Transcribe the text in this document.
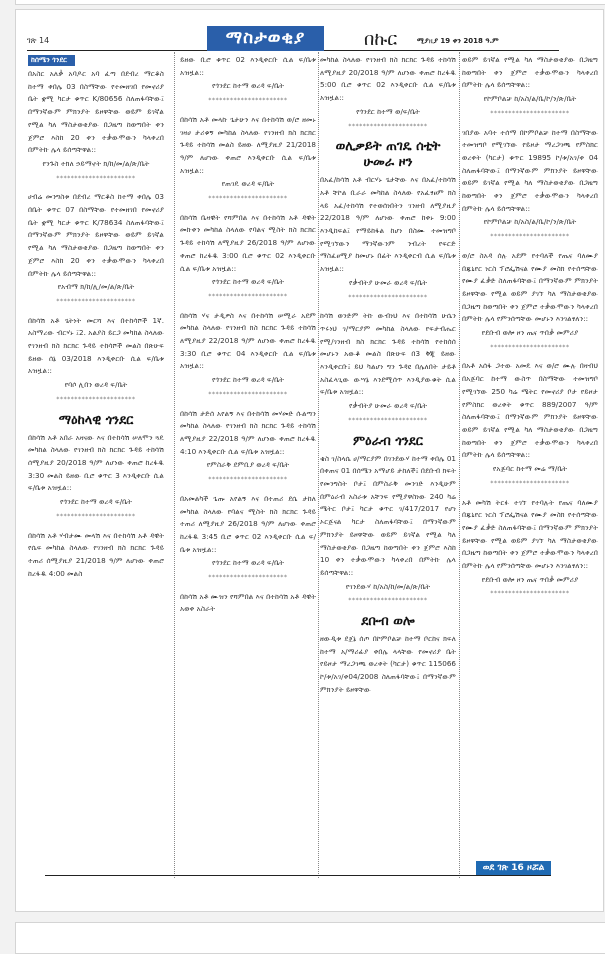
ገጽ 14	ማስታወቂያ	በኩር	ሚያዚያ 19 ቀን 2018 ዓ.ም
ከሰሜን ጎንደር

በአስር አለቃ አባዶር አባ ፈጣ በደብረ ማርቆስ ከተማ ቀበሌ 03 በስማቸው የተመዘገበ የመኖሪያ ቤት ቋሚ ካርታ ቁጥር K/80656 ስለጠፋባቸው፤ በማንኛውም ምክንያት ይዞዋቸው ወይም ይገኛል የሚል ካለ ማስታወቂያው በጋዜጣ ከወጣበት ቀን ጀምሮ እስከ 20 ቀን ተቃውሞውን ካላቀረበ በምትኩ ሌላ ይሰጣቸዋል::

የንጉስ ተክለ ኃይማኖት ክ/ከ/መ/ል/ጽ/ቤት
**********************

ሀብሬ መንግስቱ በደብረ ማርቆስ ከተማ ቀበሌ 03 በቤት ቁጥር 07 በስማቸው የተመዘገበ የመኖሪያ ቤት ቋሚ ካርታ ቁጥር K/78634 ስለጠፋባቸው፤ በማንኛውም ምክንያት ይዞዋቸው ወይም ይገኛል የሚል ካለ ማስታወቂያው በጋዜጣ ከወጣበት ቀን ጀምሮ እስከ 20 ቀን ተቃውሞውን ካላቀረበ በምትኩ ሌላ ይሰጣቸዋል::

የአብማ ክ/ከ/ሊ/መ/ል/ጽ/ቤት
**********************

በከሳሽ አቶ ጌትነት መርሻ እና በተከሳሾች 1ኛ. አስማረው ብርሃኑ ፤2. አልያስ ይርጋ መካከል ስላለው የገንዘብ ክስ ክርክር ጉዳይ ተከሳሾች መልስ በጽሁፍ ይዘው ሰኔ 03/2018 እንዲቀርቡ ሲል ፍ/ቤቱ አዝዟል::

የባሶ ሊበን ወረዳ ፍ/ቤት
**********************
ማዕከላዊ ጎንደር

በከሳሽ አቶ አበራ አዛናው እና በተከሳሽ ሠለሞን ጓዴ መካከል ስላለው የገንዘብ ክስ ክርክር ጉዳይ ተከሳሽ ሰሚያዚያ 20/2018 ዓ/ም ለሆነው ቀጠሮ ከረፋዱ 3:30 መልስ ይዘው ቢሮ ቁጥር 3 እንዲቀርቡ ሲል ፍ/ቤቱ አዝዟል::

የጎንደር ከተማ ወረዳ ፍ/ቤት
**********************

በከሳሽ አቶ ሃብታሙ መላሽ እና በተከሳሽ አቶ ዳዊት የሴፍ መካከል ስላለው የገንዘብ ክስ ክርክር ጉዳይ ተጠሪ ሰሚያዚያ 21/2018 ዓ/ም ለሆነው ቀጠሮ ከረፋዱ 4:00 መልስ

ይዘው ቢሮ ቁጥር 02 እንዲቀርቡ ሲል ፍ/ቤቱ አዝዟል::

የጎንደር ከተማ ወረዳ ፍ/ቤት
**********************

በከሳሽ አቶ መላኩ ጌታሁን እና በተከሳሽ ወ/ሮ ዘመኑ ገዛሀ ታሪቁኝ መካከል ስላለው የገንዘብ ክስ ክርክር ጉዳይ ተከሳሽ መልስ ይዘው ለሚያዚያ 21/2018 ዓ/ም ለሆነው ቀጠሮ እንዲቀርቡ ሲል ፍ/ቤቱ አዝዟል::

የጠገዴ ወረዳ ፍ/ቤት
**********************

በከሳሽ ቤዛዊት የሻምበል እና በተከሳሽ አቶ ዳዊት መኩቀን መካከል ስላለው የባልና ሚስት ክስ ክርክር ጉዳይ ተከሳሽ ለሚያዚያ 26/2018 ዓ/ም ለሆነው ቀጠሮ ከረፋዱ 3:00 ቢሮ ቁጥር 02 እንዲቀርቡ ሲል ፍ/ቤቱ አዝዟል::

የጎንደር ከተማ ወረዳ ፍ/ቤት
**********************

በከሳሽ ሃና ታዲዎስ እና በተከሳሽ ሠሚራ አደም መካከል ስላለው የገንዘብ ክስ ክርክር ጉዳይ ተከሳሽ ለሚያዚያ 22/2018 ዓ/ም ለሆነው ቀጠሮ ከረፋዱ 3:30 ቢሮ ቁጥር 04 እንዲቀርቡ ሲል ፍ/ቤቱ አዝዟል::

የጎንደር ከተማ ወረዳ ፍ/ቤት
**********************

በከሳሽ ታድሰ አየልኝ እና በተከሳሽ መሃመድ ሱልጣን መካከል ስላለው የገንዘብ ክስ ክርክር ጉዳይ ተከሳሽ ለሚያዚያ 22/2018 ዓ/ም ለሆነው ቀጠሮ ከረፋዱ 4:10 እንዲቀርቡ ሲል ፍ/ቤቱ አዝዟል::

የምስራቅ ደምቢያ ወረዳ ፍ/ቤት
**********************

በአመልካች ጌጡ አየልኝ እና በተጠሪ ደሴ ታከለ መካከል ስላለው የባልና ሚስት ክስ ክርክር ጉዳይ ተጠሪ ለሚያዚያ 26/2018 ዓ/ም ለሆነው ቀጠሮ ከረፋዱ 3:45 ቢሮ ቁጥር 02 እንዲቀርቡ ሲል ፍ/ቤቱ አዝዟል::

የጎንደር ከተማ ወረዳ ፍ/ቤት
**********************

በከሳሽ አቶ ሙዝን የሻምበል እና በተከሳሽ አቶ ዳዊት አወቀ አስራት

መካከል ስላለው የገንዘብ ክስ ክርክር ጉዳይ ተከሳሽ ለሚያዚያ 20/2018 ዓ/ም ለሆነው ቀጠሮ ከረፋዱ 5:00 ቢሮ ቁጥር 02 እንዲቀርቡ ሲል ፍ/ቤቱ አዝዟል::

የጎንደር ከተማ ወ/ፍ/ቤት
**********************
ወሊቃይት ጠገዴ ሰቲት ሁመራ ዞን

በአፈ/ከሳሽ አቶ ብርሃኑ ጌታቸው እና በአፈ/ተከሳሽ አቶ ቸኮል ቢራራ መካከል ስላለው የአፈፃፀም ክስ ላይ አፈ/ተከሳሽ የተወሰነበትን ገንዘብ ለሚያዚያ 22/2018 ዓ/ም ለሆነው ቀጠሮ ከቀኑ 9:00 እንዲከፍል፤ የማይከፋል ከሆነ በስሙ ተመዝግቦ የሚገኘውን ማንኛውንም ንብረት የፍርድ ማስፈፀሚያ ከመሆኑ በፊት እንዲቀርብ ሲል ፍ/ቤቱ አዝዟል::

የቃብትያ ሁመራ ወረዳ ፍ/ቤት
**********************

ከሳሽ ወንድም ትኩ ውብነህ እና በተከሳሽ ሁሴን ጥሩነህ ገ/ማርያም መካከል ስላለው የፍታብሔር የሚ/ገንዘብ ክስ ክርክር ጉዳይ ተከሳሽ የተከሰሰ መሆኑን አውቆ መልስ በጽሁፍ በ3 ቅጂ ይዘው እንዲቀርቡ፤ ይህ ካልሆነ ግን ጉዳዩ በሌለበት ታይቶ አስፈላጊው ውሣኔ እንደሚሰጥ እንዲያውቁት ሲል ፍ/ቤቱ አዝዟል::

የቃብትያ ሁመራ ወረዳ ፍ/ቤት
**********************
ምዕራብ ጎንደር

ቄስ ገ/ስላሴ ሀ/ማርያም በገንደውሃ ከተማ ቀበሌ 01 በቀጠና 01 በሰሜን አማሆይ ታከለች፤ በደቡብ ክፍት የመንግስት ቦታ፤ በምስራቅ መንገድ እንዲሁም በምዕራብ አስራቱ አቸንፍ የሚያዋስነው 240 ካሬ ሜትር ቦታ፤ ካርታ ቁጥር ገ/417/2017 የሆነ ኦርጅናል ካርታ ስለጠፋባቸው፤ በማንኛውም ምክንያት ይዞዋቸው ወይም ይገኛል የሚል ካለ ማስታወቂያው በጋዜጣ ከወጣበት ቀን ጀምሮ እስከ 10 ቀን ተቃውሞውን ካላቀረበ በምትኩ ሌላ ይሰጣቸዋል::

የገንደውሃ ከ/አስ/ከ/መ/ል/ጽ/ቤት
**********************
ደቡብ ወሎ

ዘውዲቱ ደጀኔ ሰጦ በኮምቦልቻ ከተማ ቦርከና ክፍለ ከተማ አ/ማሪፊያ ቀበሌ ላላቸው የመኖሪያ ቤት የይዞታ ማረጋገጫ ወረቀት (ካርታ) ቁጥር 115066 ኮ/ቱ/አገ/ቀ04/2008 ስለጠፋባቸው፤ በማንኛውም ምክንያት ይዞዋቸው

ወይም ይገኛል የሚል ካለ ማስታወቂያው በጋዜጣ ከወጣበት ቀን ጀምሮ ተቃውሞውን ካላቀረበ በምትኩ ሌላ ይሰጣቸዋል::

የኮምቦልቻ ከ/አስ/ል/ቤ/ኮ/ን/ጽ/ቤት
**********************

ገበያው አባተ ተሰማ በኮምቦልቻ ከተማ በስማቸው ተመዝግቦ የሚገኘው የይዞታ ማረጋገጫ የምስክር ወረቀት (ካርታ) ቁጥር 19895 ኮ/ቱ/አገ/ቀ 04 ስለጠፋባቸው፤ በማንኛውም ምክንያት ይዞዋቸው ወይም ይገኛል የሚል ካለ ማስታወቂያው በጋዜጣ ከወጣበት ቀን ጀምሮ ተቃውሞውን ካላቀረበ በምትኩ ሌላ ይሰጣቸዋል::

የኮምቦልቻ ከ/አስ/ል/ቤ/ኮ/ን/ጽ/ቤት
**********************

ወ/ሮ ስአዳ ሰሉ አደም የተባለች የጤና ባለሙያ በጁኒየር ነርስ ፕሮፌሽናል የሙያ መስክ የተሰጣቸው የሙያ ፈቃድ ስለጠፋባቸው፤ በማንኛውም ምክንያት ይዞዋቸው የሚል ወይም ያገኘ ካለ ማስታወቂያው በጋዜጣ ከወጣበት ቀን ጀምሮ ተቃውሞውን ካላቀረበ በምትኩ ሌላ የምንሰጣቸው መሆኑን እንገልፃለን::

የደቡብ ወሎ ዞን ጤና ጥበቃ መምሪያ
**********************

በአቶ አሰፋ ጋተው አመዴ እና ወ/ሮ ሙሉ በዛብህ በአጅባር ከተማ ውስጥ በስማቸው ተመዝግቦ የሚገኘው 250 ካሬ ሜትር የመኖሪያ ቦታ የይዞታ የምስክር ወረቀት ቁጥር 889/2007 ዓ/ም ስለጠፋባቸው፤ በማንኛውም ምክንያት ይዞዋቸው ወይም ይገኛል የሚል ካለ ማስታወቂያው በጋዜጣ ከወጣበት ቀን ጀምሮ ተቃውሞውን ካላቀረበ በምትኩ ሌላ ይሰጣቸዋል::

የአጅባር ከተማ መሬ ማ/ቤት
**********************

አቶ መካሽ ትርፉ ተገኘ የተባሉት የጤና ባለሙያ በጁኒየር ነርስ ፕሮፌሽናል የሙያ መስክ የተሰጣቸው የሙያ ፈቃድ ስለጠፋባቸው፤ በማንኛውም ምክንያት ይዞዋቸው የሚል ወይም ያገኘ ካለ ማስታወቂያው በጋዜጣ ከወጣበት ቀን ጀምሮ ተቃውሞውን ካላቀረበ በምትኩ ሌላ የምንሰጣቸው መሆኑን እንገልፃለን::

የደቡብ ወሎ ዞን ጤና ጥበቃ መምሪያ
**********************
ወደ ገጽ 16 ዞሯል
